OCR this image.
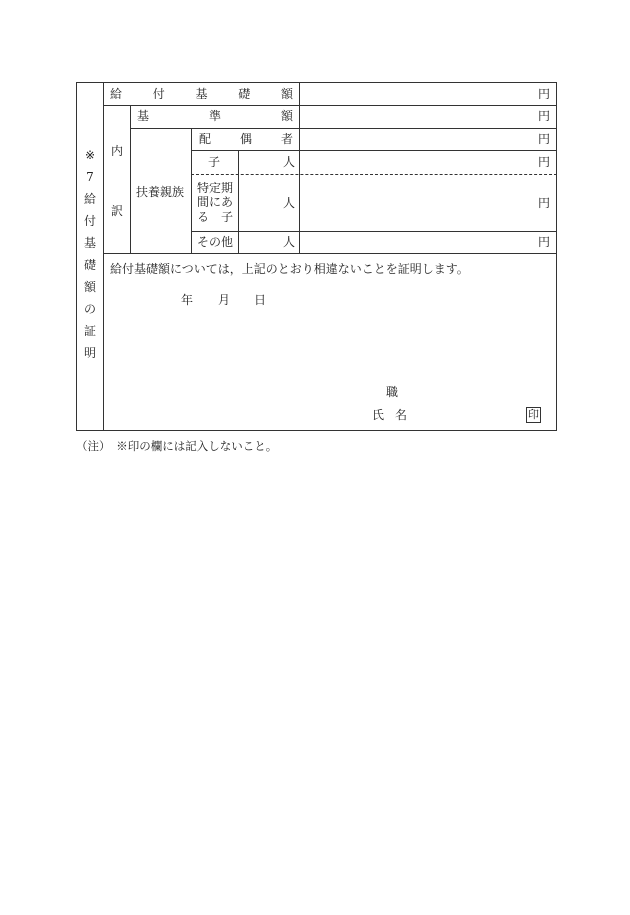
※
7
給
付
基
礎
額
の
証
明
給	付	基	礎	額	円
内
訳
基	準	額	円
扶養親族
配 偶 者	円
子	人	円
特定期
間にあ
る　子
人	円
その他	人	円
給付基礎額については，上記のとおり相違ないことを証明します。
年 月 日
職
氏 名	印
（注）　※印の欄には記入しないこと。
